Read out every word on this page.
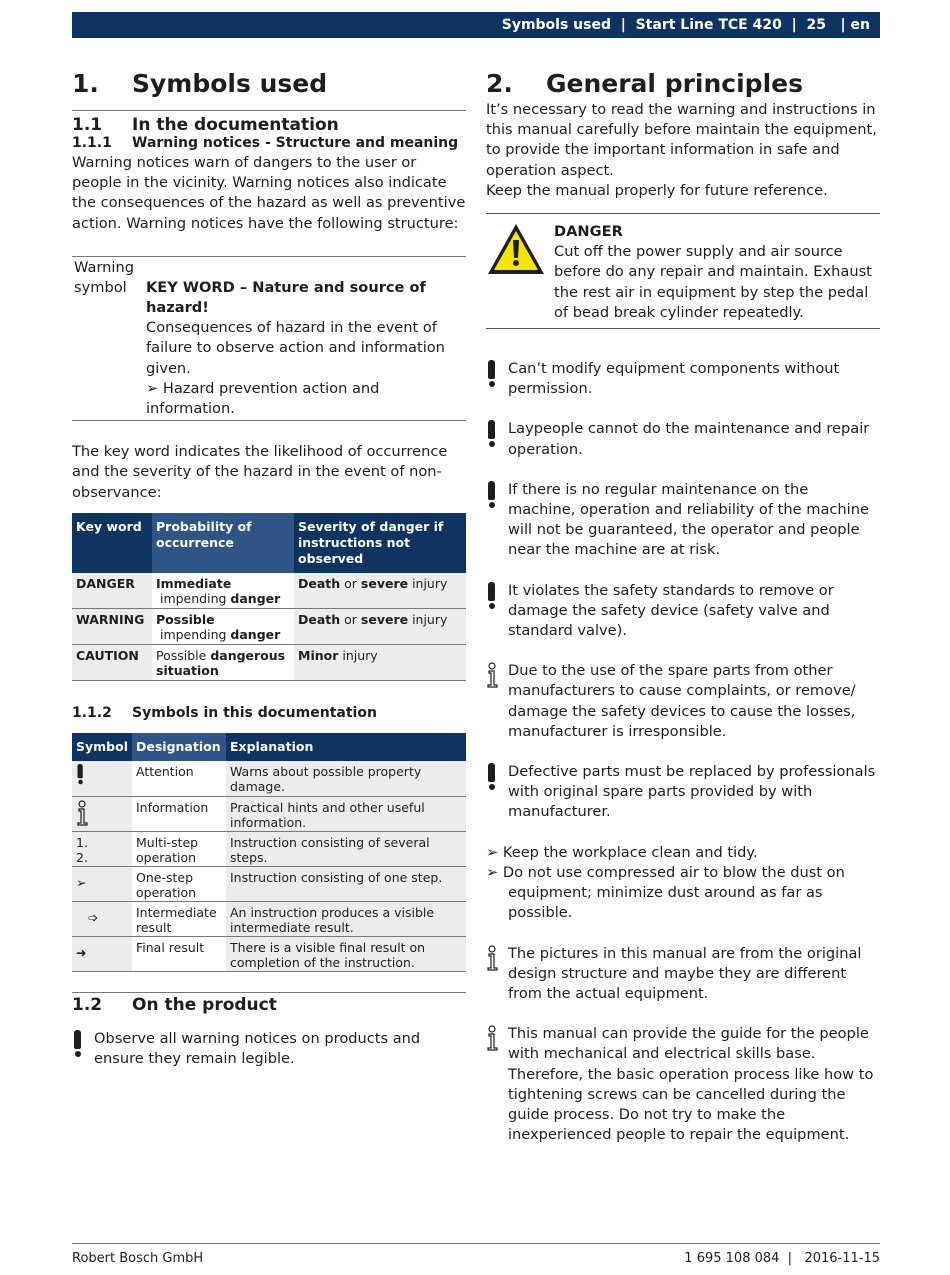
Symbols used  |  Start Line TCE 420  |  25   | en
1.	Symbols used
1.1	In the documentation
1.1.1	Warning notices - Structure and meaning

Warning notices warn of dangers to the user or people in the vicinity. Warning notices also indicate the consequences of the hazard as well as preventive action. Warning notices have the following structure:

Warning symbol	KEY WORD – Nature and source of hazard!
Consequences of hazard in the event of failure to observe action and information given.
➢ Hazard prevention action and information.

The key word indicates the likelihood of occurrence and the severity of the hazard in the event of non-observance:

Key word	Probability of occurrence	Severity of danger if instructions not observed
DANGER	Immediate impending danger	Death or severe injury
WARNING	Possible impending danger	Death or severe injury
CAUTION	Possible dangerous situation	Minor injury
1.1.2	Symbols in this documentation
Symbol	Designation	Explanation
	Attention	Warns about possible property damage.
	Information	Practical hints and other useful information.
1.
2.	Multi-step operation	Instruction consisting of several steps.
➢	One-step operation	Instruction consisting of one step.
➩	Intermediate result	An instruction produces a visible intermediate result.
➜	Final result	There is a visible final result on completion of the instruction.
1.2	On the product
Observe all warning notices on products and ensure they remain legible.
2.	General principles

It’s necessary to read the warning and instructions in this manual carefully before maintain the equipment, to provide the important information in safe and operation aspect.

Keep the manual properly for future reference.

DANGER
Cut off the power supply and air source before do any repair and maintain. Exhaust the rest air in equipment by step the pedal of bead break cylinder repeatedly.
Can’t modify equipment components without permission.
Laypeople cannot do the maintenance and repair operation.
If there is no regular maintenance on the machine, operation and reliability of the machine will not be guaranteed, the operator and people near the machine are at risk.
It violates the safety standards to remove or damage the safety device (safety valve and standard valve).
Due to the use of the spare parts from other manufacturers to cause complaints, or remove/ damage the safety devices to cause the losses, manufacturer is irresponsible.
Defective parts must be replaced by professionals with original spare parts provided by with manufacturer.
➢ Keep the workplace clean and tidy.
➢ Do not use compressed air to blow the dust on equipment; minimize dust around as far as possible.
The pictures in this manual are from the original design structure and maybe they are different from the actual equipment.
This manual can provide the guide for the people with mechanical and electrical skills base. Therefore, the basic operation process like how to tightening screws can be cancelled during the guide process. Do not try to make the inexperienced people to repair the equipment.
Robert Bosch GmbH	1 695 108 084  |   2016-11-15
